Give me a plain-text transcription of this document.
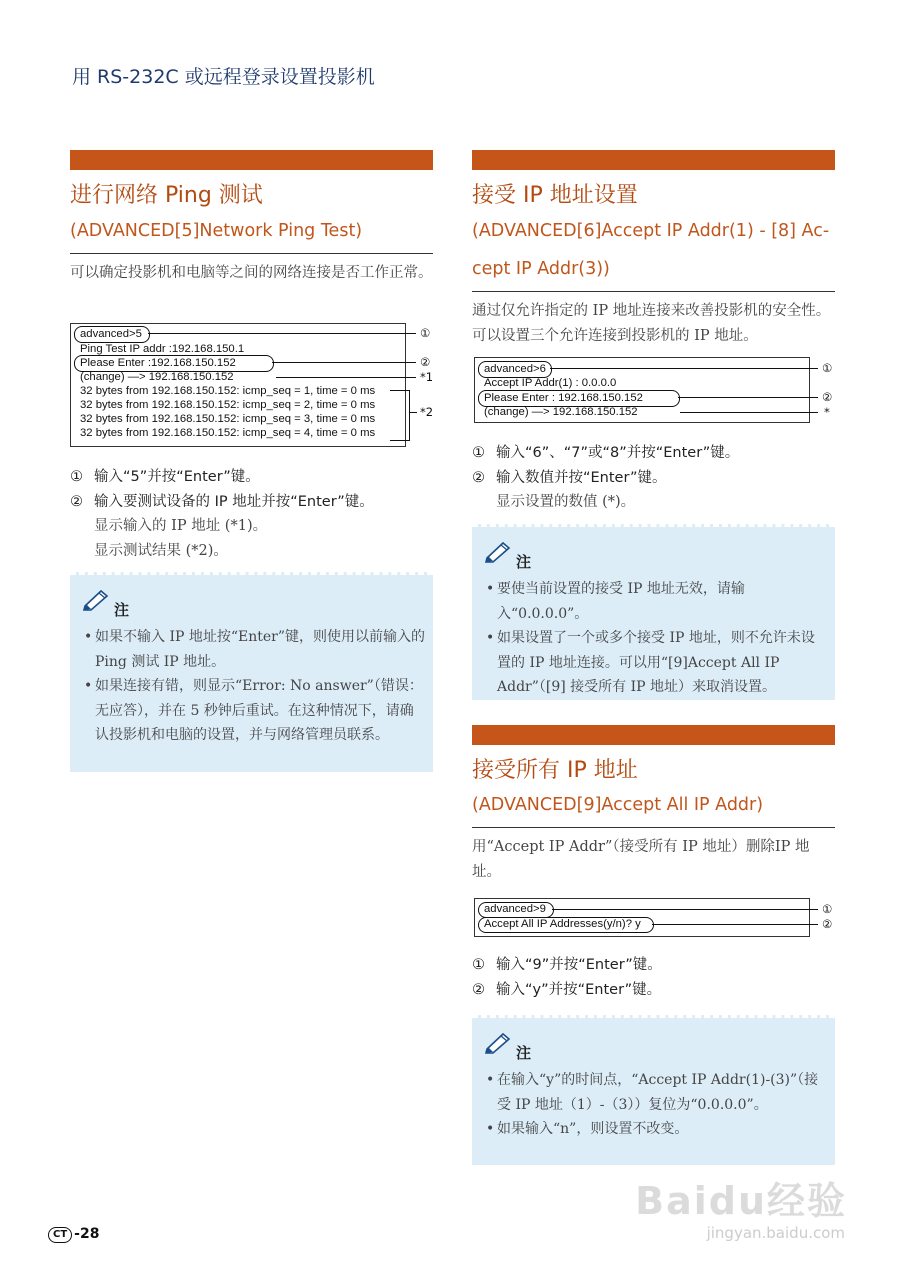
用 RS-232C 或远程登录设置投影机
进行网络 Ping 测试
(ADVANCED[5]Network Ping Test)
可以确定投影机和电脑等之间的网络连接是否工作正常。
advanced>5
Ping Test IP addr :192.168.150.1
Please Enter :192.168.150.152
(change) —> 192.168.150.152
32 bytes from 192.168.150.152: icmp_seq = 1, time = 0 ms
32 bytes from 192.168.150.152: icmp_seq = 2, time = 0 ms
32 bytes from 192.168.150.152: icmp_seq = 3, time = 0 ms
32 bytes from 192.168.150.152: icmp_seq = 4, time = 0 ms
①
②
*1
*2
① 输入“5”并按“Enter”键。
② 输入要测试设备的 IP 地址并按“Enter”键。
显示输入的 IP 地址 (*1)。
显示测试结果 (*2)。
注
• 如果不输入 IP 地址按“Enter”键，则使用以前输入的 Ping 测试 IP 地址。
• 如果连接有错，则显示“Error: No answer”（错误：无应答），并在 5 秒钟后重试。在这种情况下，请确认投影机和电脑的设置，并与网络管理员联系。
接受 IP 地址设置
(ADVANCED[6]Accept IP Addr(1) - [8] Ac-
cept IP Addr(3))
通过仅允许指定的 IP 地址连接来改善投影机的安全性。可以设置三个允许连接到投影机的 IP 地址。
advanced>6
Accept IP Addr(1) : 0.0.0.0
Please Enter : 192.168.150.152
(change) —> 192.168.150.152
①
②
*
① 输入“6”、“7”或“8”并按“Enter”键。
② 输入数值并按“Enter”键。
显示设置的数值 (*)。
注
• 要使当前设置的接受 IP 地址无效，请输入“0.0.0.0”。
• 如果设置了一个或多个接受 IP 地址，则不允许未设置的 IP 地址连接。可以用“[9]Accept All IP Addr”（[9] 接受所有 IP 地址）来取消设置。
接受所有 IP 地址
(ADVANCED[9]Accept All IP Addr)
用“Accept IP Addr”（接受所有 IP 地址）删除IP 地址。
advanced>9
Accept All IP Addresses(y/n)? y
①
②
① 输入“9”并按“Enter”键。
② 输入“y”并按“Enter”键。
注
• 在输入“y”的时间点，“Accept IP Addr(1)-(3)”（接受 IP 地址（1）-（3））复位为“0.0.0.0”。
• 如果输入“n”，则设置不改变。
CT -28
Baidu经验
jingyan.baidu.com
